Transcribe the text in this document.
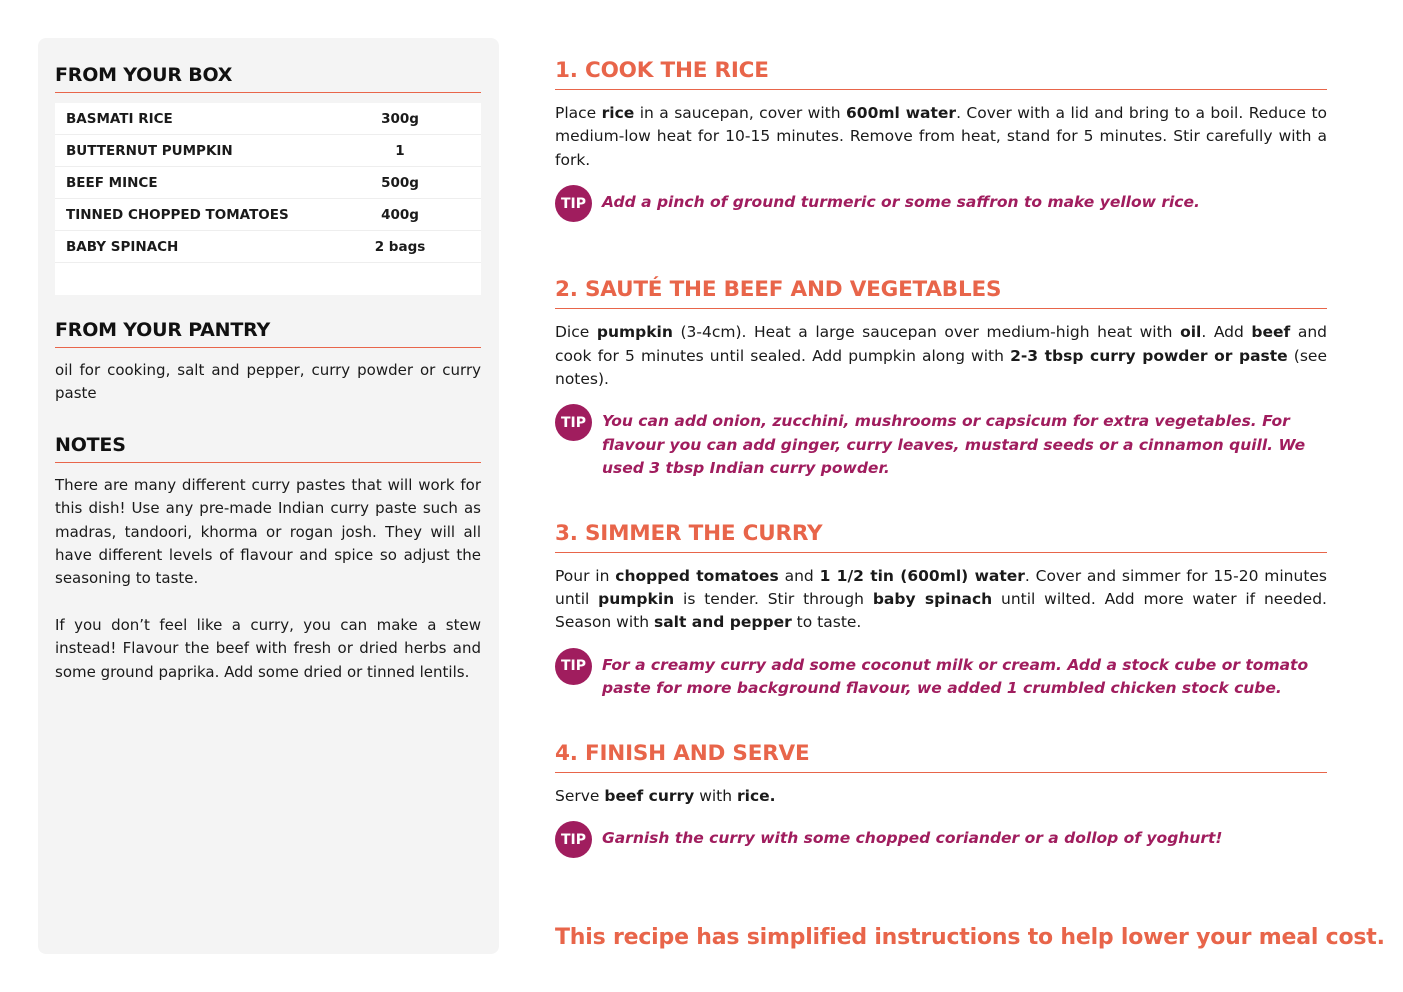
FROM YOUR BOX
BASMATI RICE	300g
BUTTERNUT PUMPKIN	1
BEEF MINCE	500g
TINNED CHOPPED TOMATOES	400g
BABY SPINACH	2 bags
FROM YOUR PANTRY

oil for cooking, salt and pepper, curry powder or curry paste

NOTES

There are many different curry pastes that will work for this dish! Use any pre-made Indian curry paste such as madras, tandoori, khorma or rogan josh. They will all have different levels of flavour and spice so adjust the seasoning to taste.

If you don’t feel like a curry, you can make a stew instead! Flavour the beef with fresh or dried herbs and some ground paprika. Add some dried or tinned lentils.

1. COOK THE RICE

Place rice in a saucepan, cover with 600ml water. Cover with a lid and bring to a boil. Reduce to medium-low heat for 10-15 minutes. Remove from heat, stand for 5 minutes. Stir carefully with a fork.

TIP	Add a pinch of ground turmeric or some saffron to make yellow rice.
2. SAUTÉ THE BEEF AND VEGETABLES

Dice pumpkin (3-4cm). Heat a large saucepan over medium-high heat with oil. Add beef and cook for 5 minutes until sealed. Add pumpkin along with 2-3 tbsp curry powder or paste (see notes).

TIP	You can add onion, zucchini, mushrooms or capsicum for extra vegetables. For flavour you can add ginger, curry leaves, mustard seeds or a cinnamon quill. We used 3 tbsp Indian curry powder.
3. SIMMER THE CURRY

Pour in chopped tomatoes and 1 1/2 tin (600ml) water. Cover and simmer for 15-20 minutes until pumpkin is tender. Stir through baby spinach until wilted. Add more water if needed. Season with salt and pepper to taste.

TIP	For a creamy curry add some coconut milk or cream. Add a stock cube or tomato paste for more background flavour, we added 1 crumbled chicken stock cube.
4. FINISH AND SERVE

Serve beef curry with rice.

TIP	Garnish the curry with some chopped coriander or a dollop of yoghurt!
This recipe has simplified instructions to help lower your meal cost.
